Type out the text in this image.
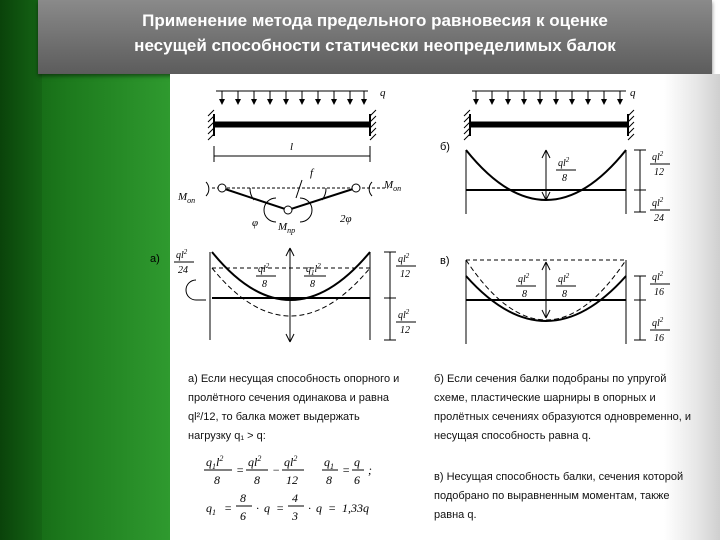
Применение метода предельного равновесия к оценке
несущей способности статически неопределимых балок
q
l
f
$M_{оп}$
$M_{оп}$
φ $M_{пр}$
2φ
а) $ql^2$
24	$ql^2$
8
$q_1l^2$
8
$ql^2$
12
$ql^2$
12
q
б)
$ql^2$
8
$ql^2$
12
$ql^2$
24
в)
$ql^2$
8
$ql^2$
8
$ql^2$
16
$ql^2$
16
$q_1l^2$
8
=
$ql^2$
8
−
$ql^2$
12
$q_1$
8
=
q
6
;
$q_1$ =
8
6
· q =
4
3
· q = 1,33q
а) Если несущая способность опорного и пролётного сечения одинакова и равна ql²/12, то балка может выдержать нагрузку q₁ > q:
б) Если сечения балки подобраны по упругой схеме, пластические шарниры в опорных и пролётных сечениях образуются одновременно, и несущая способность равна q.
в) Несущая способность балки, сечения которой подобрано по выравненным моментам, также равна q.
